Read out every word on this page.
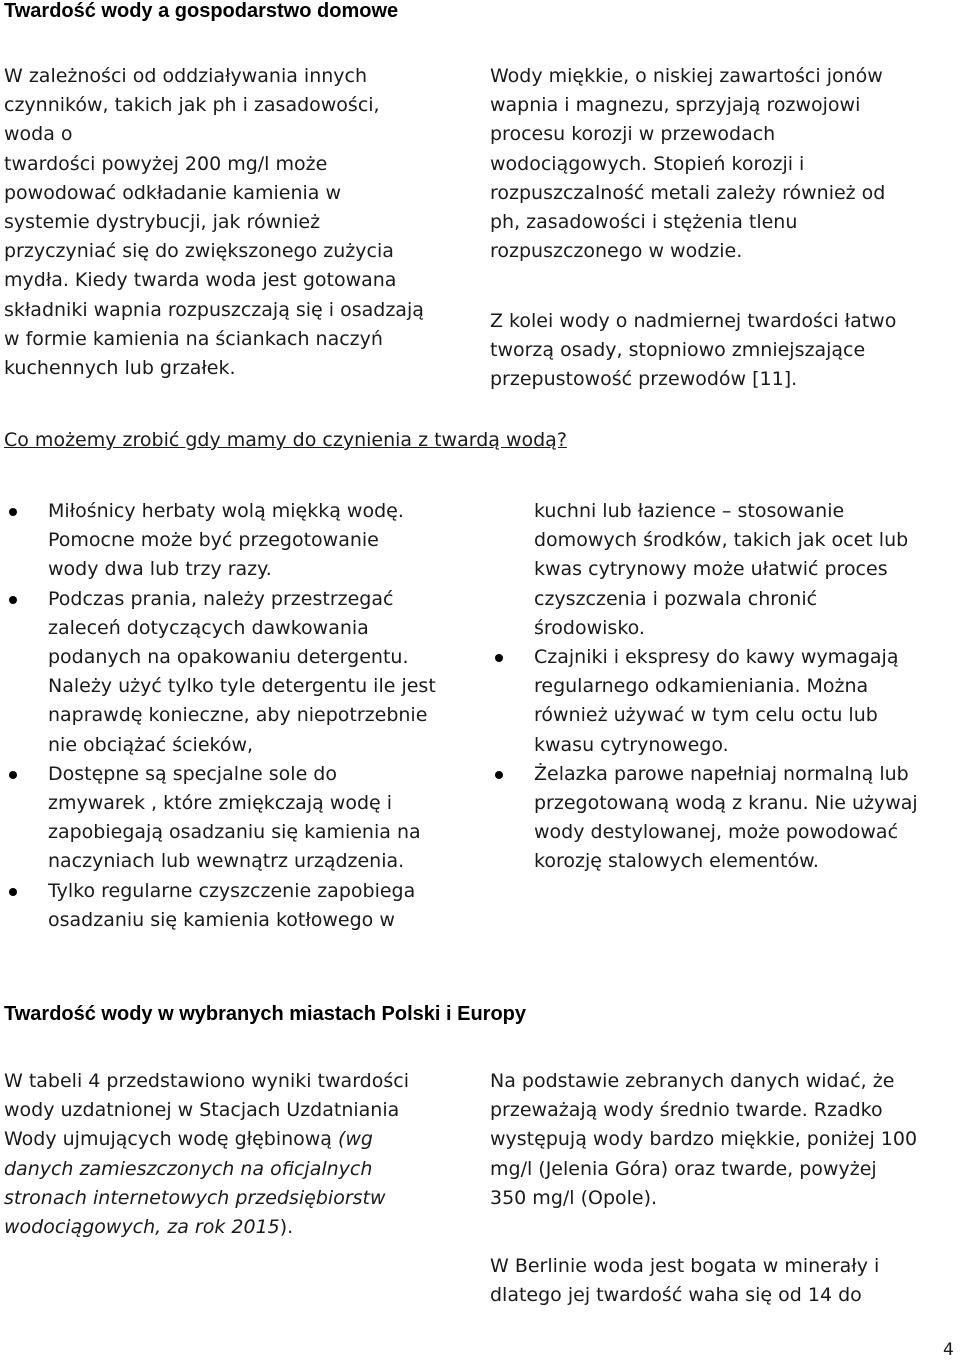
Twardość wody a gospodarstwo domowe
W zależności od oddziaływania innych
czynników, takich jak ph i zasadowości,
woda o
twardości powyżej 200 mg/l może
powodować odkładanie kamienia w
systemie dystrybucji, jak również
przyczyniać się do zwiększonego zużycia
mydła. Kiedy twarda woda jest gotowana
składniki wapnia rozpuszczają się i osadzają
w formie kamienia na ściankach naczyń
kuchennych lub grzałek.
Wody miękkie, o niskiej zawartości jonów
wapnia i magnezu, sprzyjają rozwojowi
procesu korozji w przewodach
wodociągowych. Stopień korozji i
rozpuszczalność metali zależy również od
ph, zasadowości i stężenia tlenu
rozpuszczonego w wodzie.
Z kolei wody o nadmiernej twardości łatwo
tworzą osady, stopniowo zmniejszające
przepustowość przewodów [11].
Co możemy zrobić gdy mamy do czynienia z twardą wodą?
Miłośnicy herbaty wolą miękką wodę.
Pomocne może być przegotowanie
wody dwa lub trzy razy.
Podczas prania, należy przestrzegać
zaleceń dotyczących dawkowania
podanych na opakowaniu detergentu.
Należy użyć tylko tyle detergentu ile jest
naprawdę konieczne, aby niepotrzebnie
nie obciążać ścieków,
Dostępne są specjalne sole do
zmywarek , które zmiękczają wodę i
zapobiegają osadzaniu się kamienia na
naczyniach lub wewnątrz urządzenia.
Tylko regularne czyszczenie zapobiega
osadzaniu się kamienia kotłowego w
kuchni lub łazience – stosowanie
domowych środków, takich jak ocet lub
kwas cytrynowy może ułatwić proces
czyszczenia i pozwala chronić
środowisko.
Czajniki i ekspresy do kawy wymagają
regularnego odkamieniania. Można
również używać w tym celu octu lub
kwasu cytrynowego.
Żelazka parowe napełniaj normalną lub
przegotowaną wodą z kranu. Nie używaj
wody destylowanej, może powodować
korozję stalowych elementów.
Twardość wody w wybranych miastach Polski i Europy
W tabeli 4 przedstawiono wyniki twardości
wody uzdatnionej w Stacjach Uzdatniania
Wody ujmujących wodę głębinową (wg
danych zamieszczonych na oficjalnych
stronach internetowych przedsiębiorstw
wodociągowych, za rok 2015).
Na podstawie zebranych danych widać, że
przeważają wody średnio twarde. Rzadko
występują wody bardzo miękkie, poniżej 100
mg/l (Jelenia Góra) oraz twarde, powyżej
350 mg/l (Opole).
W Berlinie woda jest bogata w minerały i
dlatego jej twardość waha się od 14 do
4
